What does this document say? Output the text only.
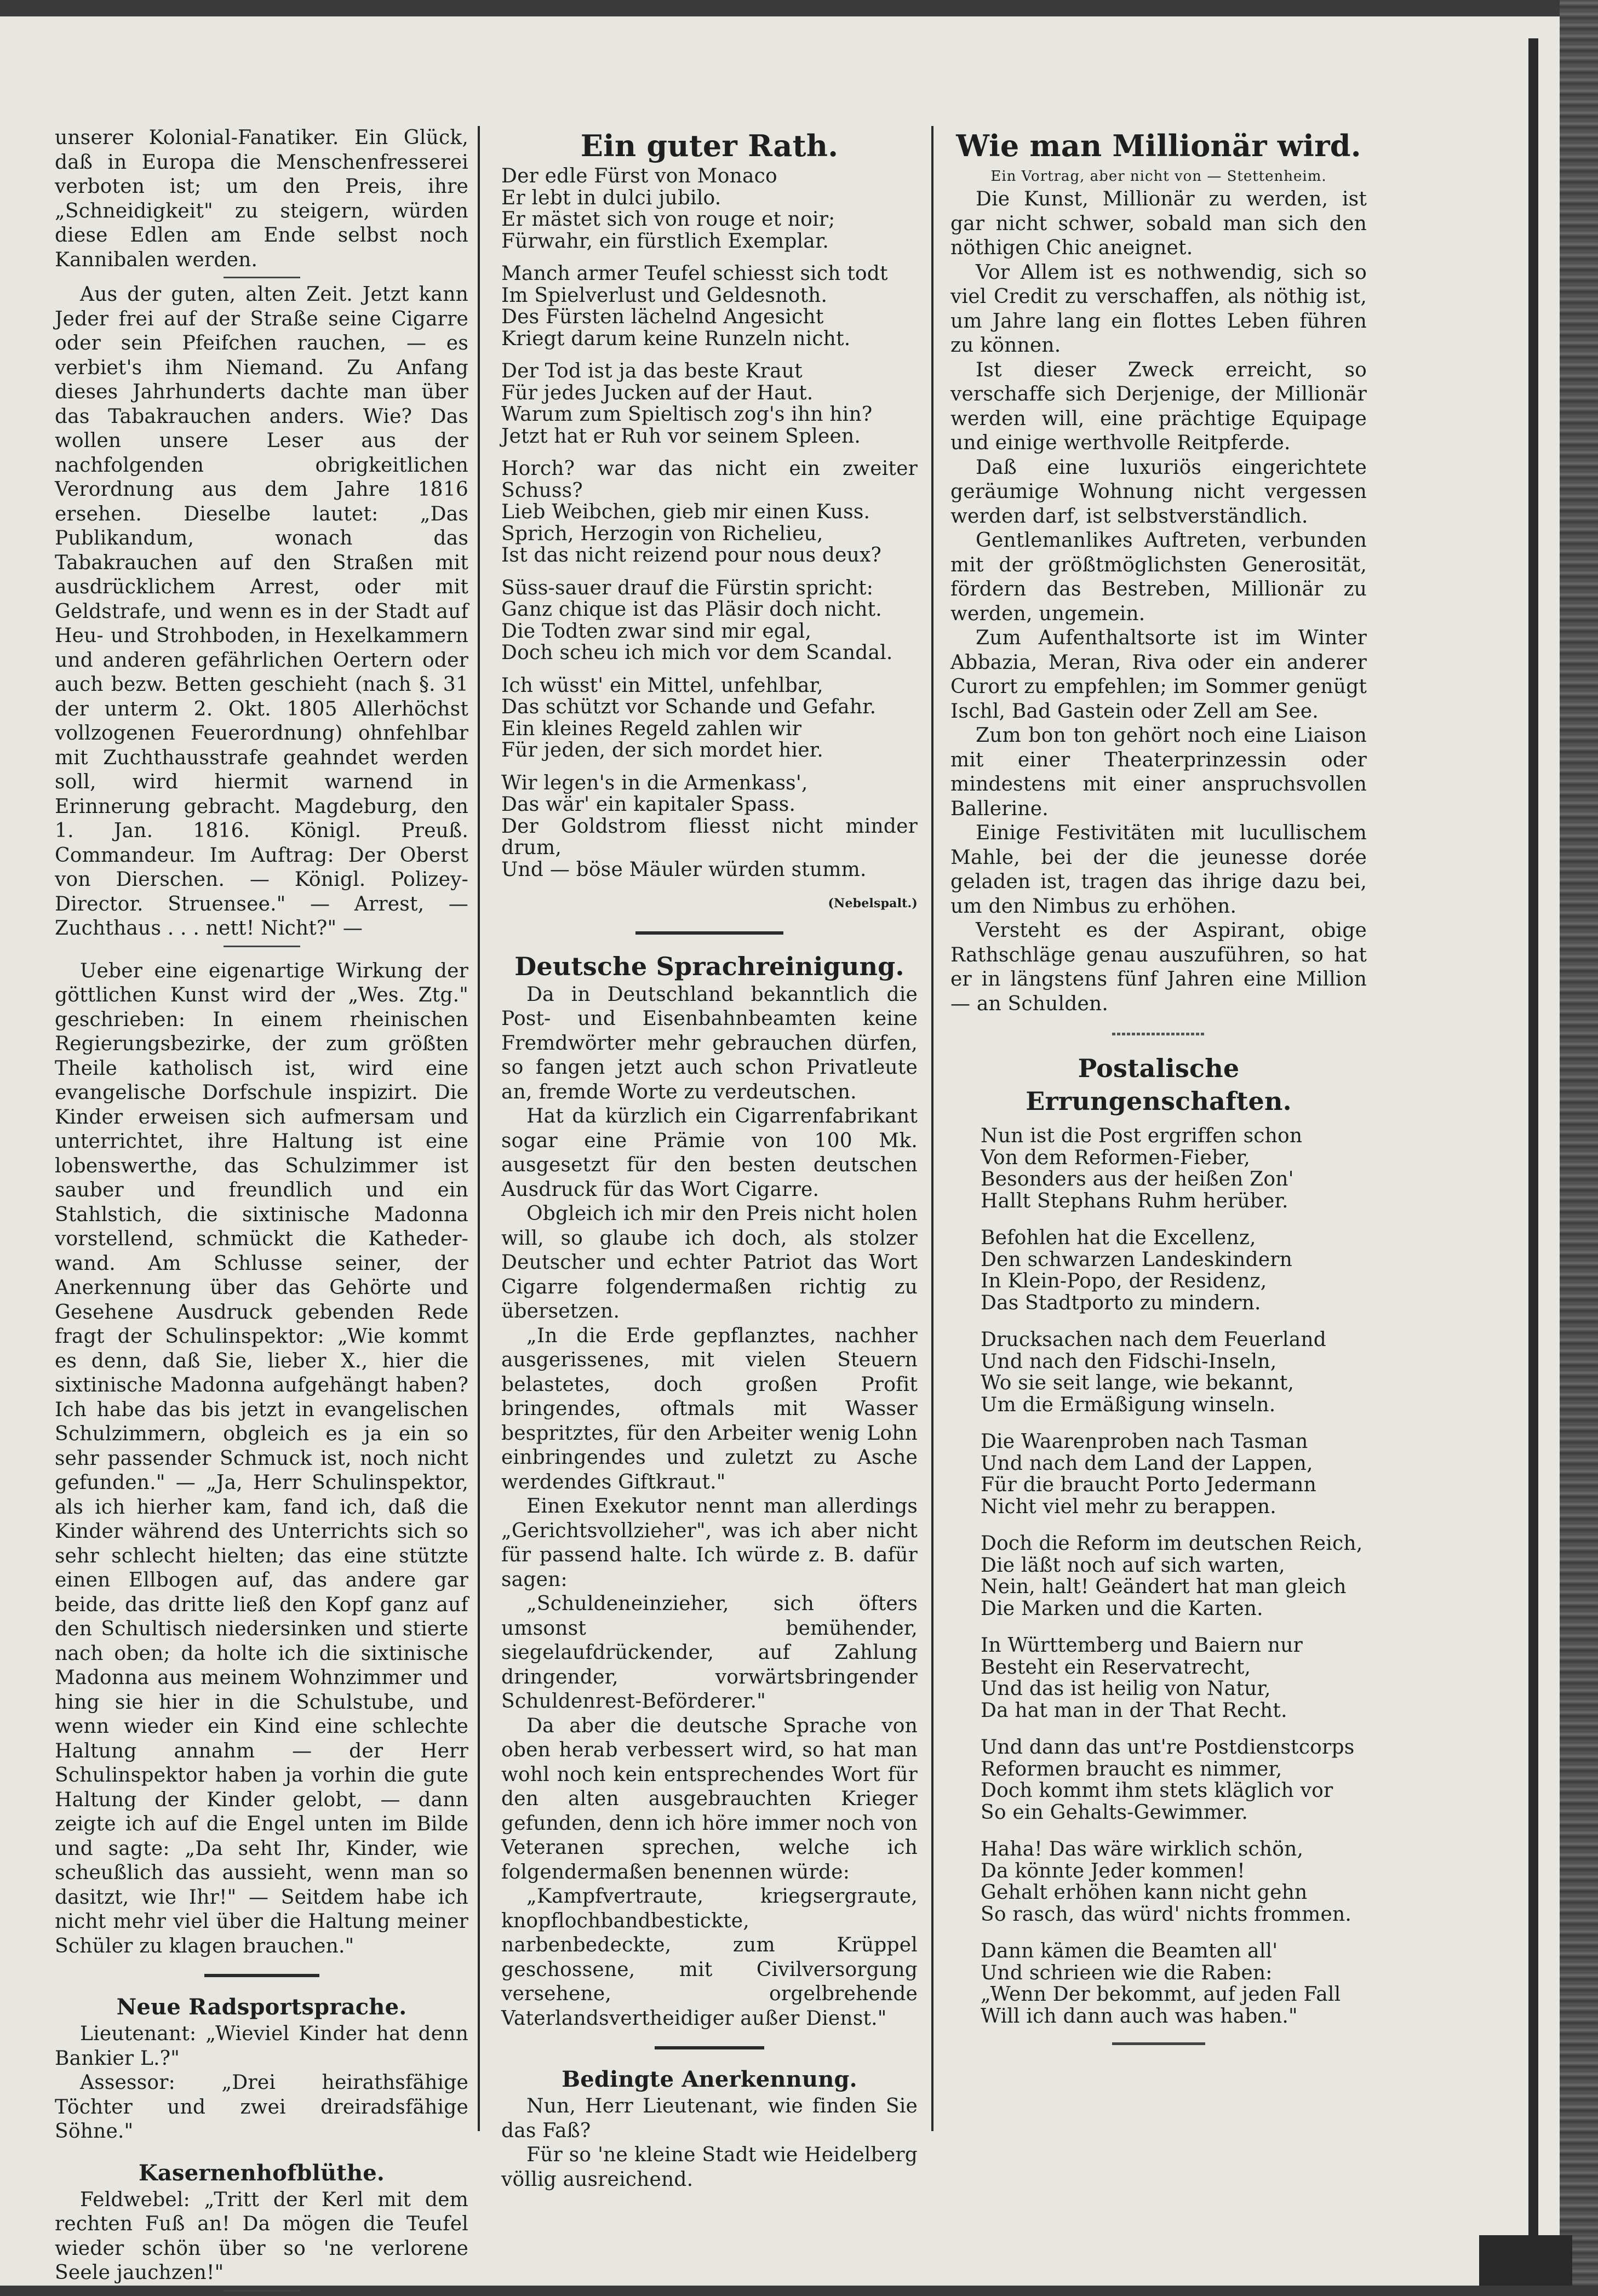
unserer Kolonial-Fanatiker. Ein Glück, daß in Europa die Menschenfresserei verboten ist; um den Preis, ihre „Schneidigkeit" zu steigern, würden diese Edlen am Ende selbst noch Kannibalen werden.

Aus der guten, alten Zeit. Jetzt kann Jeder frei auf der Straße seine Cigarre oder sein Pfeifchen rauchen, — es verbiet's ihm Niemand. Zu Anfang dieses Jahrhunderts dachte man über das Tabakrauchen anders. Wie? Das wollen unsere Leser aus der nachfolgenden obrigkeitlichen Verordnung aus dem Jahre 1816 ersehen. Dieselbe lautet: „Das Publikandum, wonach das Tabakrauchen auf den Straßen mit ausdrücklichem Arrest, oder mit Geldstrafe, und wenn es in der Stadt auf Heu- und Strohboden, in Hexelkammern und anderen gefährlichen Oertern oder auch bezw. Betten geschieht (nach §. 31 der unterm 2. Okt. 1805 Allerhöchst vollzogenen Feuerordnung) ohnfehlbar mit Zuchthausstrafe geahndet werden soll, wird hiermit warnend in Erinnerung gebracht. Magdeburg, den 1. Jan. 1816. Königl. Preuß. Commandeur. Im Auftrag: Der Oberst von Dierschen. — Königl. Polizey-Director. Struensee." — Arrest, — Zuchthaus . . . nett! Nicht?" —

Ueber eine eigenartige Wirkung der göttlichen Kunst wird der „Wes. Ztg." geschrieben: In einem rheinischen Regierungsbezirke, der zum größten Theile katholisch ist, wird eine evangelische Dorfschule inspizirt. Die Kinder erweisen sich aufmersam und unterrichtet, ihre Haltung ist eine lobenswerthe, das Schulzimmer ist sauber und freundlich und ein Stahlstich, die sixtinische Madonna vorstellend, schmückt die Katheder-wand. Am Schlusse seiner, der Anerkennung über das Gehörte und Gesehene Ausdruck gebenden Rede fragt der Schulinspektor: „Wie kommt es denn, daß Sie, lieber X., hier die sixtinische Madonna aufgehängt haben? Ich habe das bis jetzt in evangelischen Schulzimmern, obgleich es ja ein so sehr passender Schmuck ist, noch nicht gefunden." — „Ja, Herr Schulinspektor, als ich hierher kam, fand ich, daß die Kinder während des Unterrichts sich so sehr schlecht hielten; das eine stützte einen Ellbogen auf, das andere gar beide, das dritte ließ den Kopf ganz auf den Schultisch niedersinken und stierte nach oben; da holte ich die sixtinische Madonna aus meinem Wohnzimmer und hing sie hier in die Schulstube, und wenn wieder ein Kind eine schlechte Haltung annahm — der Herr Schulinspektor haben ja vorhin die gute Haltung der Kinder gelobt, — dann zeigte ich auf die Engel unten im Bilde und sagte: „Da seht Ihr, Kinder, wie scheußlich das aussieht, wenn man so dasitzt, wie Ihr!" — Seitdem habe ich nicht mehr viel über die Haltung meiner Schüler zu klagen brauchen."

Neue Radsportsprache.

Lieutenant: „Wieviel Kinder hat denn Bankier L.?"

Assessor: „Drei heirathsfähige Töchter und zwei dreiradsfähige Söhne."

Kasernenhofblüthe.

Feldwebel: „Tritt der Kerl mit dem rechten Fuß an! Da mögen die Teufel wieder schön über so 'ne verlorene Seele jauchzen!"

Ein guter Rath.

Der edle Fürst von Monaco

Er lebt in dulci jubilo.

Er mästet sich von rouge et noir;

Fürwahr, ein fürstlich Exemplar.

Manch armer Teufel schiesst sich todt

Im Spielverlust und Geldesnoth.

Des Fürsten lächelnd Angesicht

Kriegt darum keine Runzeln nicht.

Der Tod ist ja das beste Kraut

Für jedes Jucken auf der Haut.

Warum zum Spieltisch zog's ihn hin?

Jetzt hat er Ruh vor seinem Spleen.

Horch? war das nicht ein zweiter Schuss?

Lieb Weibchen, gieb mir einen Kuss.

Sprich, Herzogin von Richelieu,

Ist das nicht reizend pour nous deux?

Süss-sauer drauf die Fürstin spricht:

Ganz chique ist das Pläsir doch nicht.

Die Todten zwar sind mir egal,

Doch scheu ich mich vor dem Scandal.

Ich wüsst' ein Mittel, unfehlbar,

Das schützt vor Schande und Gefahr.

Ein kleines Regeld zahlen wir

Für jeden, der sich mordet hier.

Wir legen's in die Armenkass',

Das wär' ein kapitaler Spass.

Der Goldstrom fliesst nicht minder drum,

Und — böse Mäuler würden stumm.

(Nebelspalt.)

Deutsche Sprachreinigung.

Da in Deutschland bekanntlich die Post- und Eisenbahnbeamten keine Fremdwörter mehr gebrauchen dürfen, so fangen jetzt auch schon Privatleute an, fremde Worte zu verdeutschen.

Hat da kürzlich ein Cigarrenfabrikant sogar eine Prämie von 100 Mk. ausgesetzt für den besten deutschen Ausdruck für das Wort Cigarre.

Obgleich ich mir den Preis nicht holen will, so glaube ich doch, als stolzer Deutscher und echter Patriot das Wort Cigarre folgendermaßen richtig zu übersetzen.

„In die Erde gepflanztes, nachher ausgerissenes, mit vielen Steuern belastetes, doch großen Profit bringendes, oftmals mit Wasser bespritztes, für den Arbeiter wenig Lohn einbringendes und zuletzt zu Asche werdendes Giftkraut."

Einen Exekutor nennt man allerdings „Gerichtsvollzieher", was ich aber nicht für passend halte. Ich würde z. B. dafür sagen:

„Schuldeneinzieher, sich öfters umsonst bemühender, siegelaufdrückender, auf Zahlung dringender, vorwärtsbringender Schuldenrest-Beförderer."

Da aber die deutsche Sprache von oben herab verbessert wird, so hat man wohl noch kein entsprechendes Wort für den alten ausgebrauchten Krieger gefunden, denn ich höre immer noch von Veteranen sprechen, welche ich folgendermaßen benennen würde:

„Kampfvertraute, kriegsergraute, knopflochbandbestickte, narbenbedeckte, zum Krüppel geschossene, mit Civilversorgung versehene, orgelbrehende Vaterlandsvertheidiger außer Dienst."

Bedingte Anerkennung.

Nun, Herr Lieutenant, wie finden Sie das Faß?

Für so 'ne kleine Stadt wie Heidelberg völlig ausreichend.

Wie man Millionär wird.

Ein Vortrag, aber nicht von — Stettenheim.

Die Kunst, Millionär zu werden, ist gar nicht schwer, sobald man sich den nöthigen Chic aneignet.

Vor Allem ist es nothwendig, sich so viel Credit zu verschaffen, als nöthig ist, um Jahre lang ein flottes Leben führen zu können.

Ist dieser Zweck erreicht, so verschaffe sich Derjenige, der Millionär werden will, eine prächtige Equipage und einige werthvolle Reitpferde.

Daß eine luxuriös eingerichtete geräumige Wohnung nicht vergessen werden darf, ist selbstverständlich.

Gentlemanlikes Auftreten, verbunden mit der größtmöglichsten Generosität, fördern das Bestreben, Millionär zu werden, ungemein.

Zum Aufenthaltsorte ist im Winter Abbazia, Meran, Riva oder ein anderer Curort zu empfehlen; im Sommer genügt Ischl, Bad Gastein oder Zell am See.

Zum bon ton gehört noch eine Liaison mit einer Theaterprinzessin oder mindestens mit einer anspruchsvollen Ballerine.

Einige Festivitäten mit lucullischem Mahle, bei der die jeunesse dorée geladen ist, tragen das ihrige dazu bei, um den Nimbus zu erhöhen.

Versteht es der Aspirant, obige Rathschläge genau auszuführen, so hat er in längstens fünf Jahren eine Million — an Schulden.

Postalische Errungenschaften.

Nun ist die Post ergriffen schon

Von dem Reformen-Fieber,

Besonders aus der heißen Zon'

Hallt Stephans Ruhm herüber.

Befohlen hat die Excellenz,

Den schwarzen Landeskindern

In Klein-Popo, der Residenz,

Das Stadtporto zu mindern.

Drucksachen nach dem Feuerland

Und nach den Fidschi-Inseln,

Wo sie seit lange, wie bekannt,

Um die Ermäßigung winseln.

Die Waarenproben nach Tasman

Und nach dem Land der Lappen,

Für die braucht Porto Jedermann

Nicht viel mehr zu berappen.

Doch die Reform im deutschen Reich,

Die läßt noch auf sich warten,

Nein, halt! Geändert hat man gleich

Die Marken und die Karten.

In Württemberg und Baiern nur

Besteht ein Reservatrecht,

Und das ist heilig von Natur,

Da hat man in der That Recht.

Und dann das unt're Postdienstcorps

Reformen braucht es nimmer,

Doch kommt ihm stets kläglich vor

So ein Gehalts-Gewimmer.

Haha! Das wäre wirklich schön,

Da könnte Jeder kommen!

Gehalt erhöhen kann nicht gehn

So rasch, das würd' nichts frommen.

Dann kämen die Beamten all'

Und schrieen wie die Raben:

„Wenn Der bekommt, auf jeden Fall

Will ich dann auch was haben."
